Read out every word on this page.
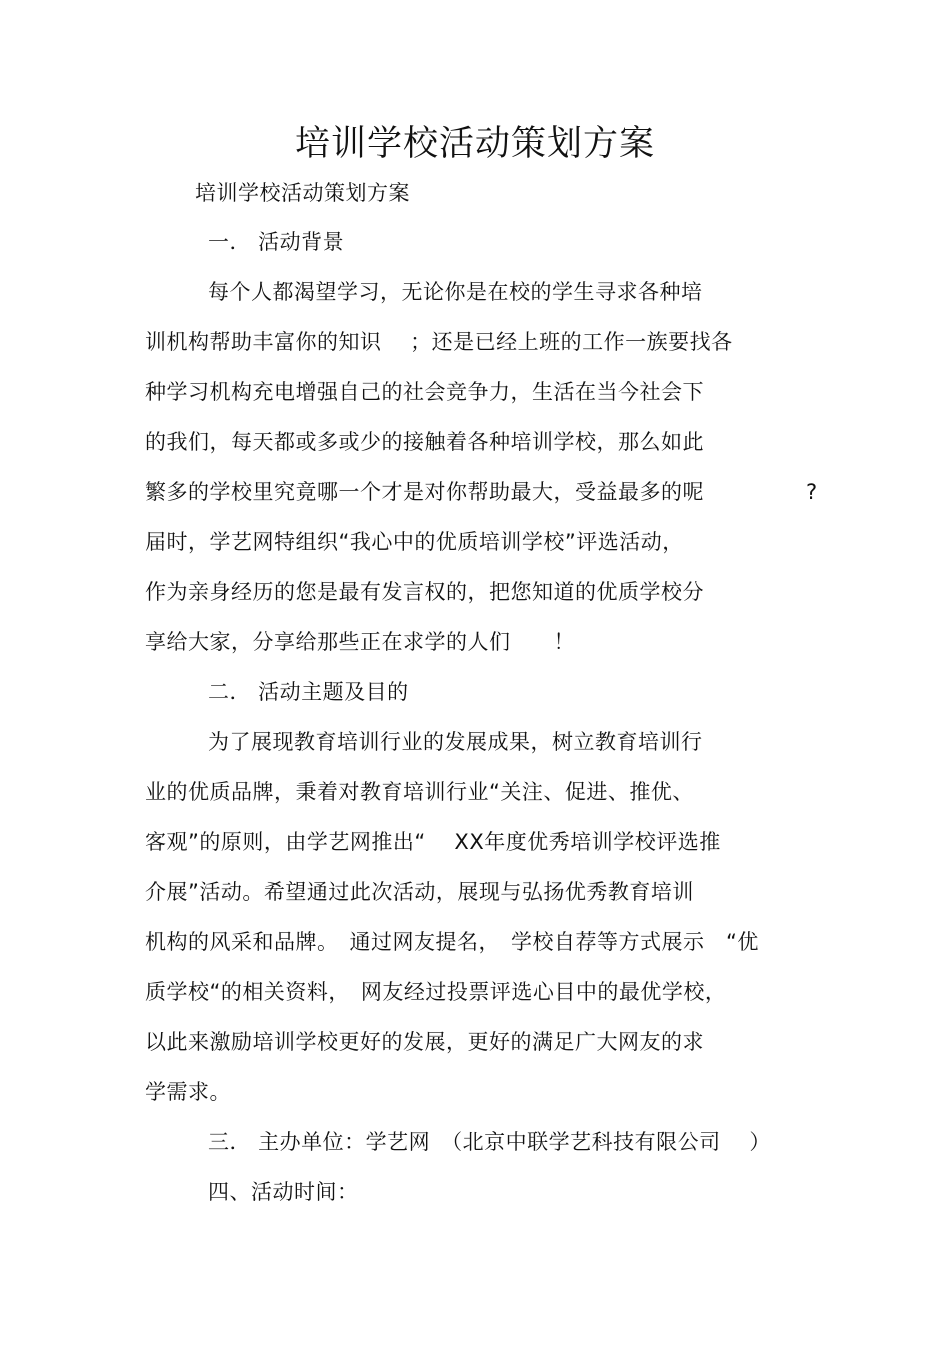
培训学校活动策划方案
培训学校活动策划方案
一． 活动背景
每个人都渴望学习，无论你是在校的学生寻求各种培
训机构帮助丰富你的知识　 ；还是已经上班的工作一族要找各
种学习机构充电增强自己的社会竞争力，生活在当今社会下
的我们，每天都或多或少的接触着各种培训学校，那么如此
繁多的学校里究竟哪一个才是对你帮助最大，受益最多的呢	?
届时，学艺网特组织“我心中的优质培训学校”评选活动，
作为亲身经历的您是最有发言权的，把您知道的优质学校分
享给大家，分享给那些正在求学的人们　　！
二． 活动主题及目的
为了展现教育培训行业的发展成果，树立教育培训行
业的优质品牌，秉着对教育培训行业“关注、促进、推优、
客观”的原则，由学艺网推出“　 XX年度优秀培训学校评选推
介展”活动。希望通过此次活动，展现与弘扬优秀教育培训
机构的风采和品牌。　通过网友提名，　学校自荐等方式展示　“优
质学校“的相关资料，　网友经过投票评选心目中的最优学校，
以此来激励培训学校更好的发展，更好的满足广大网友的求
学需求。
三． 主办单位：学艺网　（北京中联学艺科技有限公司　 ）
四、活动时间：
